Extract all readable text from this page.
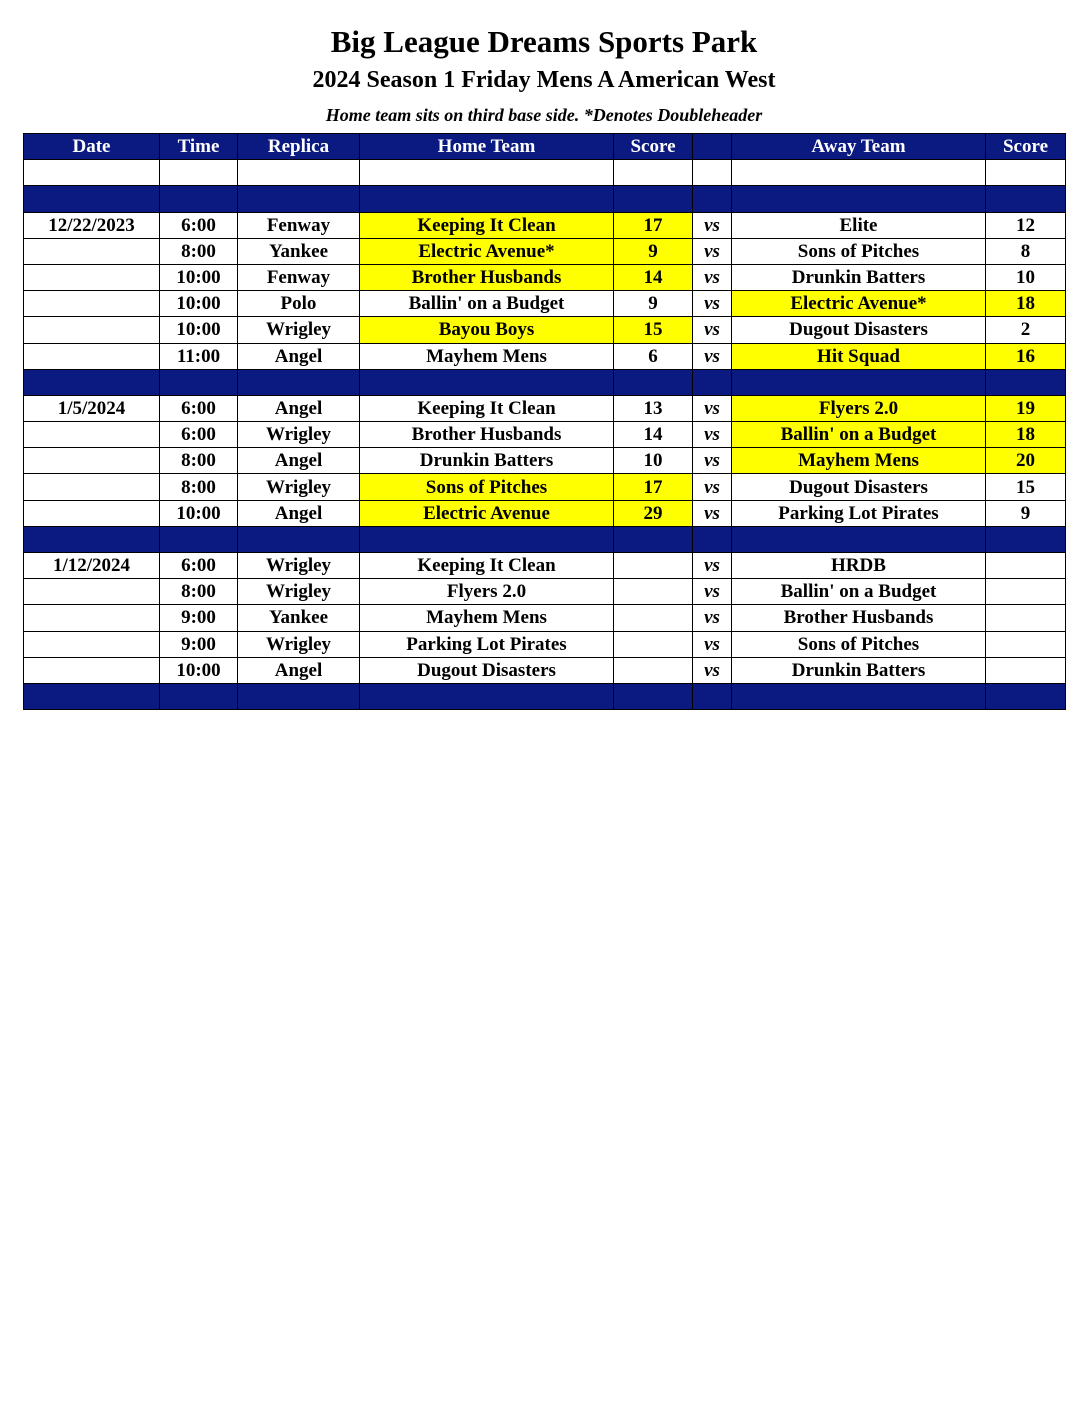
Big League Dreams Sports Park
2024 Season 1 Friday Mens A American West
Home team sits on third base side. *Denotes Doubleheader
Date	Time	Replica	Home Team	Score		Away Team	Score

12/22/2023	6:00	Fenway	Keeping It Clean	17	vs	Elite	12
	8:00	Yankee	Electric Avenue*	9	vs	Sons of Pitches	8
	10:00	Fenway	Brother Husbands	14	vs	Drunkin Batters	10
	10:00	Polo	Ballin' on a Budget	9	vs	Electric Avenue*	18
	10:00	Wrigley	Bayou Boys	15	vs	Dugout Disasters	2
	11:00	Angel	Mayhem Mens	6	vs	Hit Squad	16

1/5/2024	6:00	Angel	Keeping It Clean	13	vs	Flyers 2.0	19
	6:00	Wrigley	Brother Husbands	14	vs	Ballin' on a Budget	18
	8:00	Angel	Drunkin Batters	10	vs	Mayhem Mens	20
	8:00	Wrigley	Sons of Pitches	17	vs	Dugout Disasters	15
	10:00	Angel	Electric Avenue	29	vs	Parking Lot Pirates	9

1/12/2024	6:00	Wrigley	Keeping It Clean		vs	HRDB	
	8:00	Wrigley	Flyers 2.0		vs	Ballin' on a Budget	
	9:00	Yankee	Mayhem Mens		vs	Brother Husbands	
	9:00	Wrigley	Parking Lot Pirates		vs	Sons of Pitches	
	10:00	Angel	Dugout Disasters		vs	Drunkin Batters	
